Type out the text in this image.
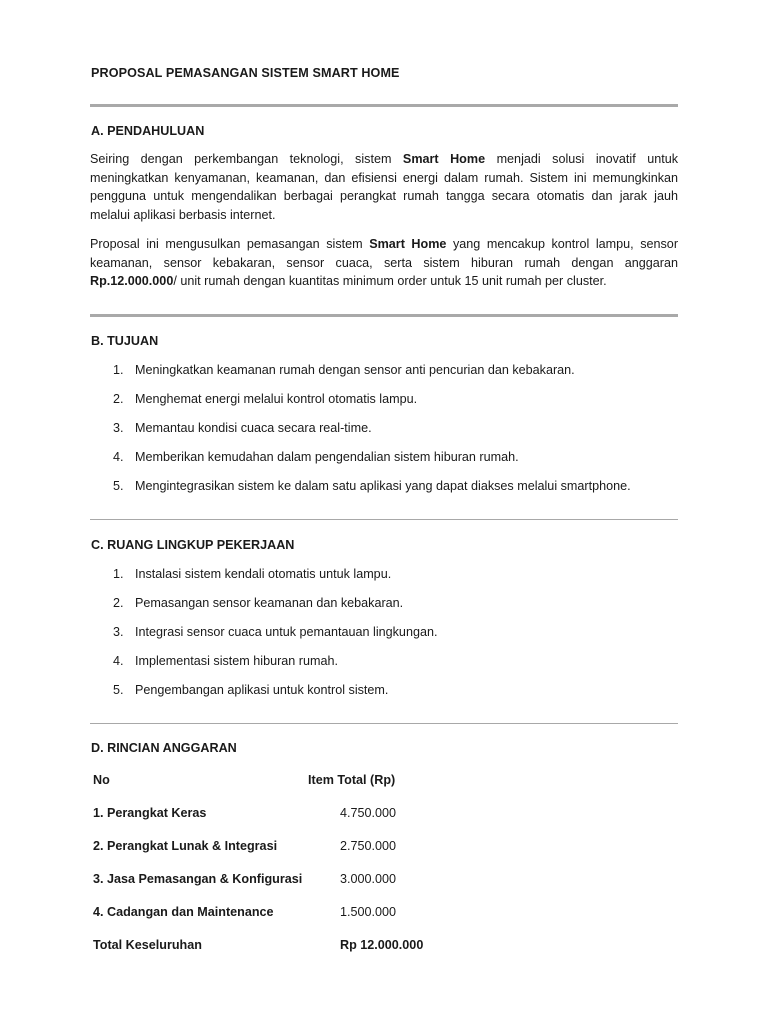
PROPOSAL PEMASANGAN SISTEM SMART HOME
A. PENDAHULUAN
Seiring dengan perkembangan teknologi, sistem Smart Home menjadi solusi inovatif untuk meningkatkan kenyamanan, keamanan, dan efisiensi energi dalam rumah. Sistem ini memungkinkan pengguna untuk mengendalikan berbagai perangkat rumah tangga secara otomatis dan jarak jauh melalui aplikasi berbasis internet.
Proposal ini mengusulkan pemasangan sistem Smart Home yang mencakup kontrol lampu, sensor keamanan, sensor kebakaran, sensor cuaca, serta sistem hiburan rumah dengan anggaran Rp.12.000.000/ unit rumah dengan kuantitas minimum order untuk 15 unit rumah per cluster.
B. TUJUAN
1. Meningkatkan keamanan rumah dengan sensor anti pencurian dan kebakaran.
2. Menghemat energi melalui kontrol otomatis lampu.
3. Memantau kondisi cuaca secara real-time.
4. Memberikan kemudahan dalam pengendalian sistem hiburan rumah.
5. Mengintegrasikan sistem ke dalam satu aplikasi yang dapat diakses melalui smartphone.
C. RUANG LINGKUP PEKERJAAN
1. Instalasi sistem kendali otomatis untuk lampu.
2. Pemasangan sensor keamanan dan kebakaran.
3. Integrasi sensor cuaca untuk pemantauan lingkungan.
4. Implementasi sistem hiburan rumah.
5. Pengembangan aplikasi untuk kontrol sistem.
D. RINCIAN ANGGARAN
No	Item Total (Rp)
1. Perangkat Keras	4.750.000
2. Perangkat Lunak & Integrasi	2.750.000
3. Jasa Pemasangan & Konfigurasi	3.000.000
4. Cadangan dan Maintenance	1.500.000
Total Keseluruhan	Rp 12.000.000
